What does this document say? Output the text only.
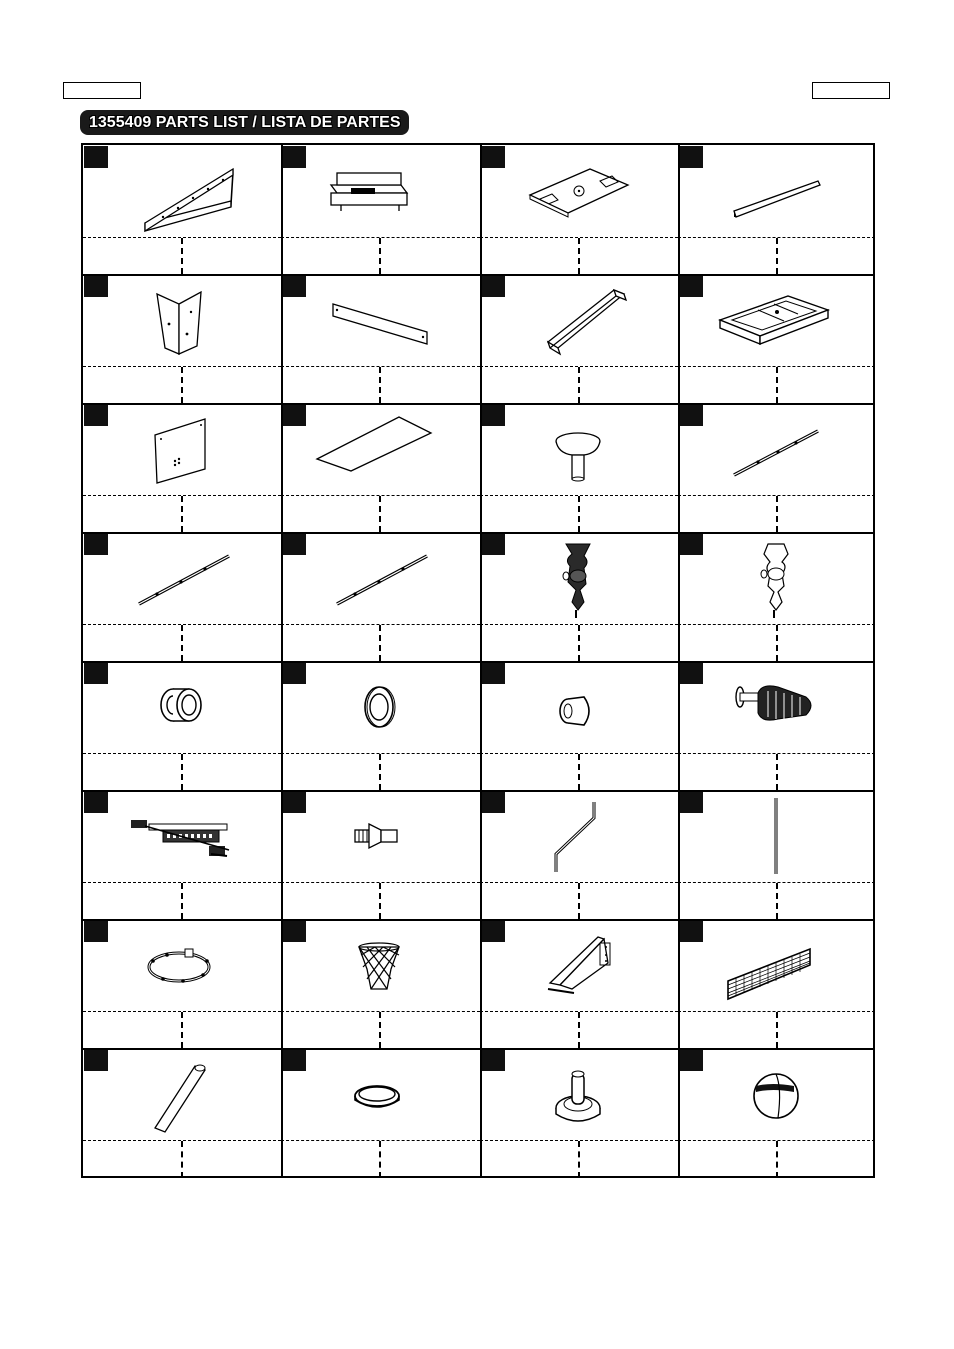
1355409 PARTS LIST / LISTA DE PARTES
